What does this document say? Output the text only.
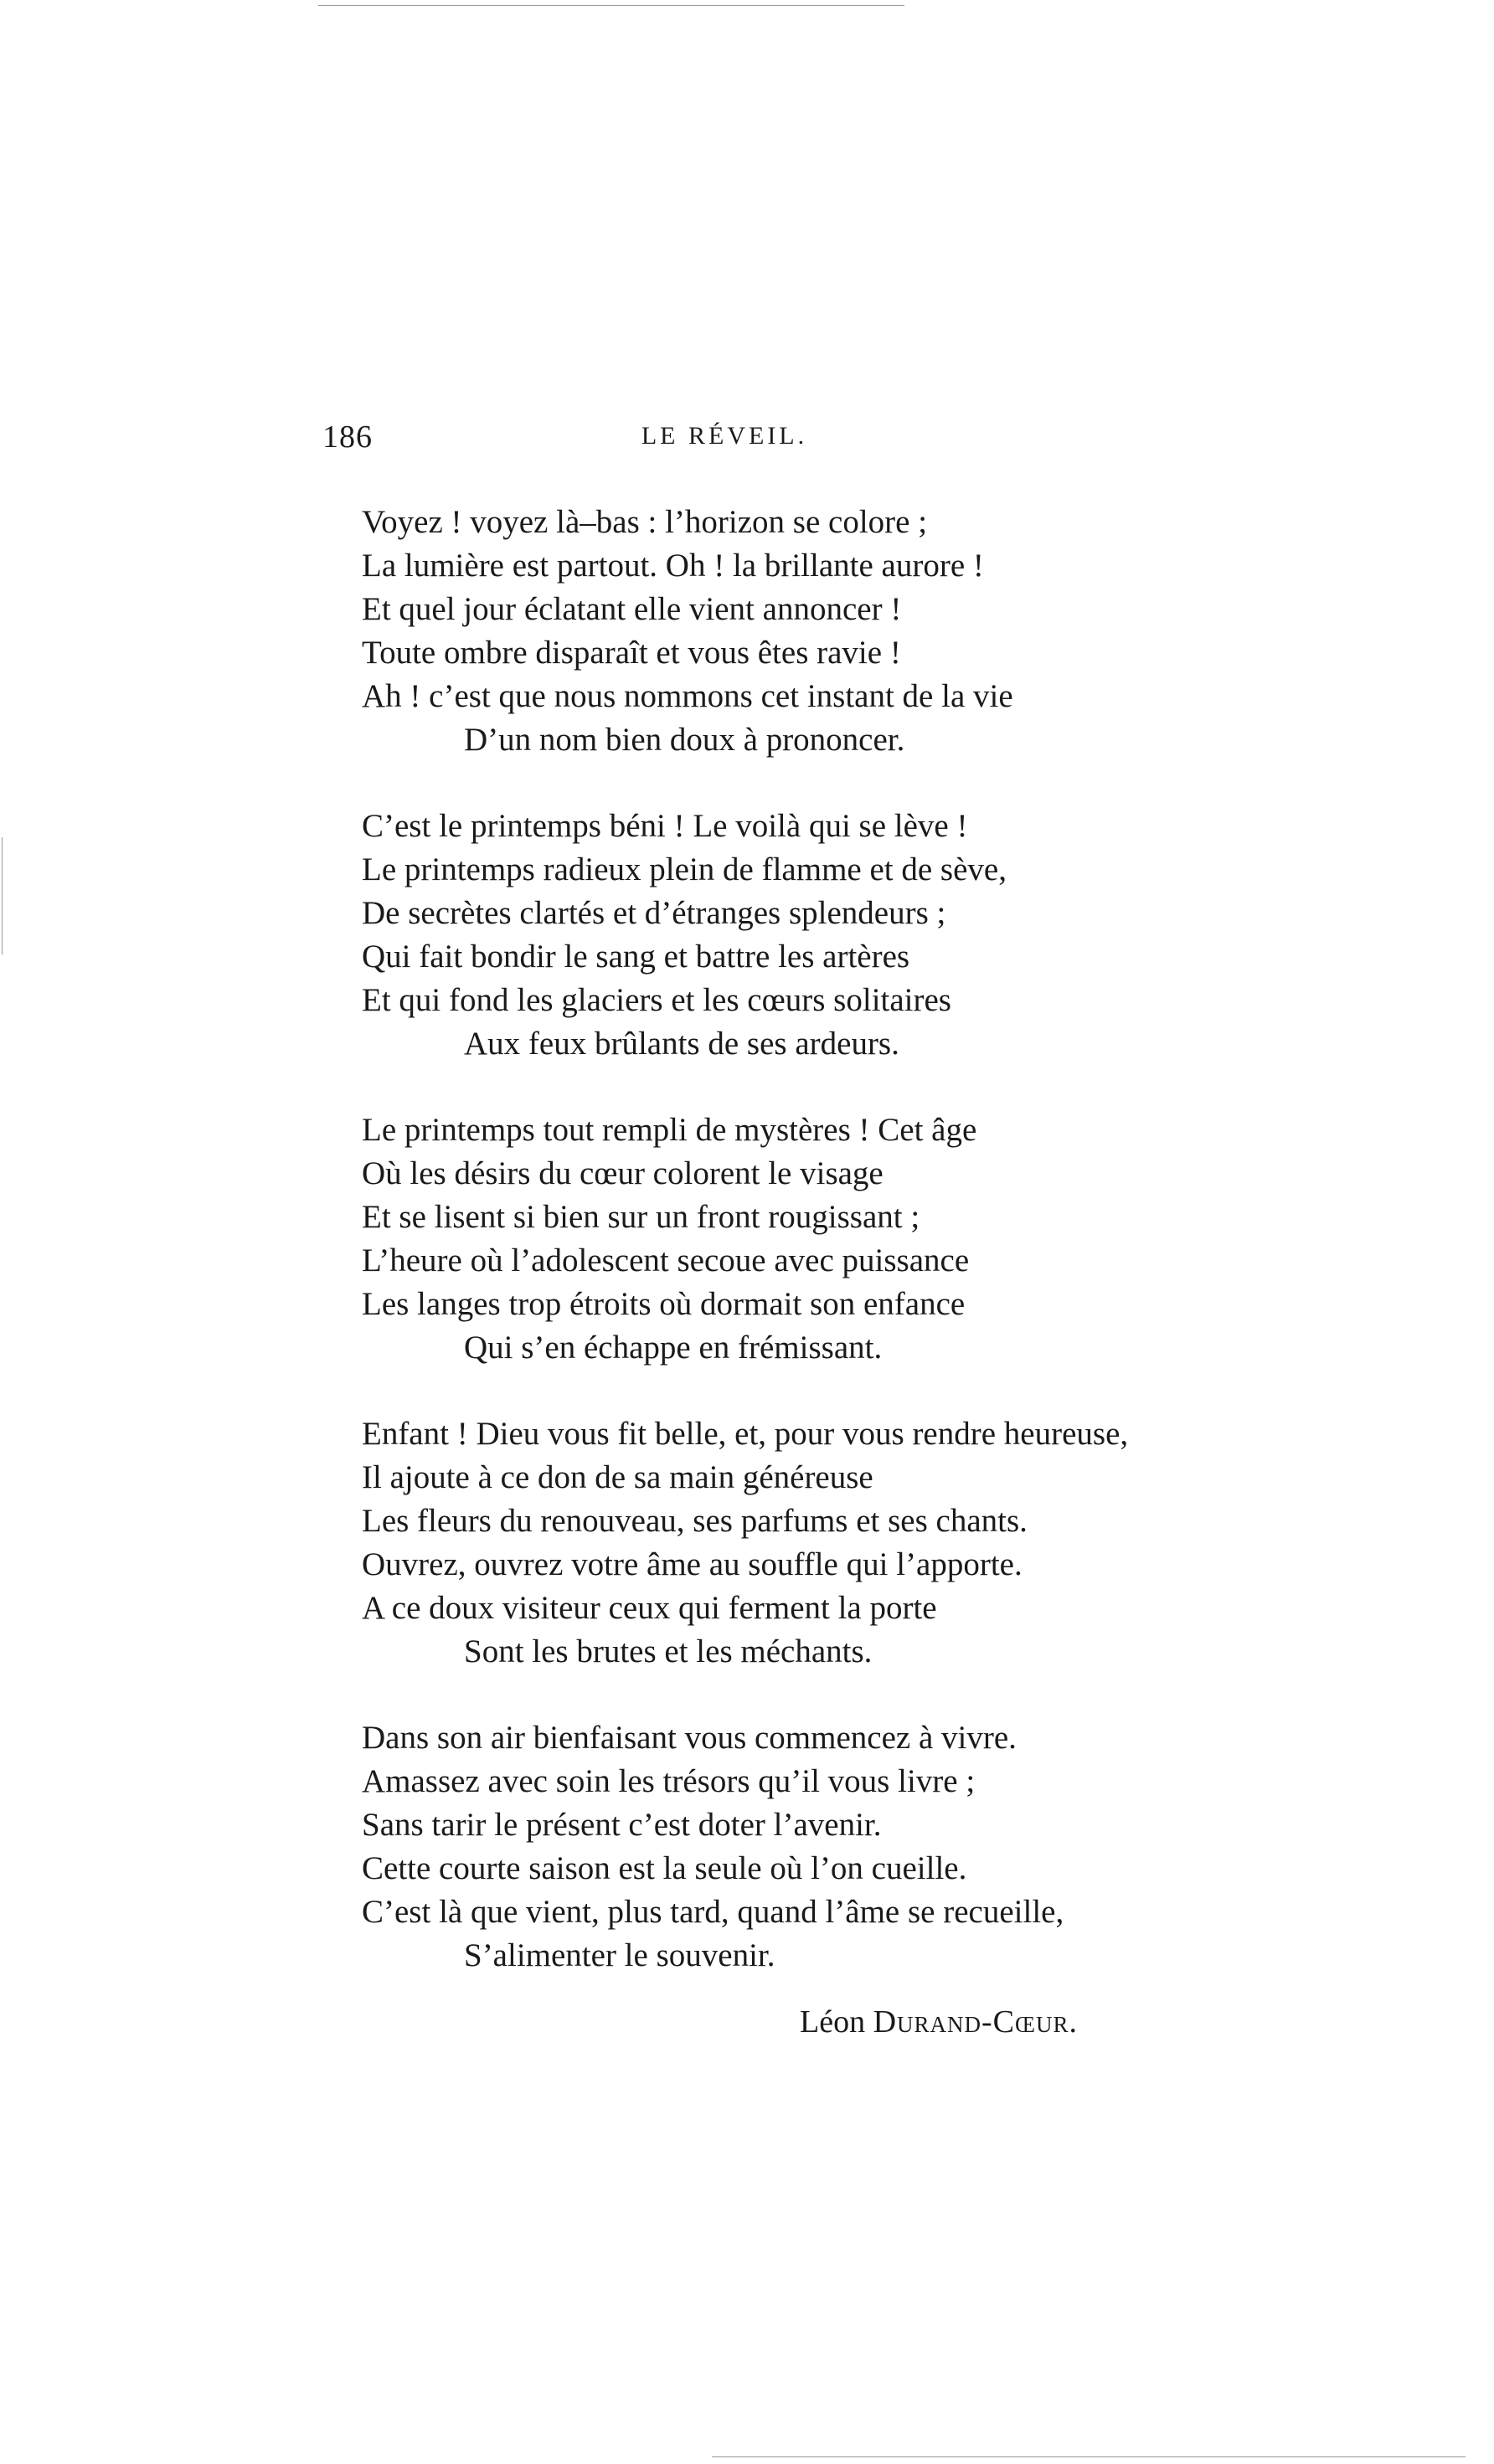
186	LE RÉVEIL.
Voyez ! voyez là–bas : l’horizon se colore ;
La lumière est partout. Oh ! la brillante aurore !
Et quel jour éclatant elle vient annoncer !
Toute ombre disparaît et vous êtes ravie !
Ah ! c’est que nous nommons cet instant de la vie
D’un nom bien doux à prononcer.
C’est le printemps béni ! Le voilà qui se lève !
Le printemps radieux plein de flamme et de sève,
De secrètes clartés et d’étranges splendeurs ;
Qui fait bondir le sang et battre les artères
Et qui fond les glaciers et les cœurs solitaires
Aux feux brûlants de ses ardeurs.
Le printemps tout rempli de mystères ! Cet âge
Où les désirs du cœur colorent le visage
Et se lisent si bien sur un front rougissant ;
L’heure où l’adolescent secoue avec puissance
Les langes trop étroits où dormait son enfance
Qui s’en échappe en frémissant.
Enfant ! Dieu vous fit belle, et, pour vous rendre heureuse,
Il ajoute à ce don de sa main généreuse
Les fleurs du renouveau, ses parfums et ses chants.
Ouvrez, ouvrez votre âme au souffle qui l’apporte.
A ce doux visiteur ceux qui ferment la porte
Sont les brutes et les méchants.
Dans son air bienfaisant vous commencez à vivre.
Amassez avec soin les trésors qu’il vous livre ;
Sans tarir le présent c’est doter l’avenir.
Cette courte saison est la seule où l’on cueille.
C’est là que vient, plus tard, quand l’âme se recueille,
S’alimenter le souvenir.
Léon Durand-Cœur.
